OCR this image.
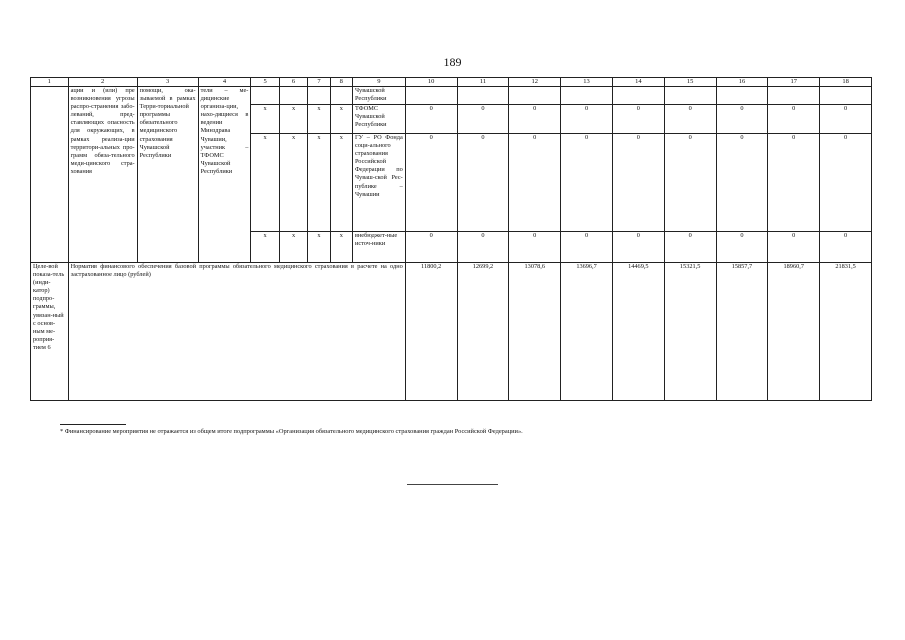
189
1	2	3	4	5	6	7	8	9	10	11	12	13	14	15	16	17	18
	ации и (или) пре возникновения угрозы распро-странения забо-леваний, пред-ставляющих опасность для окружающих, в рамках реализа-ции территори-альных про-грамм обяза-тельного меди-цинского стра-хования	помощи, ока-зываемой в рамках Терри-ториальной программы обязательного медицинского страхования Чувашской Республики	тели – ме-дицинские организа-ции, нахо-дящиеся в ведении Минздрава Чувашии, участник – ТФОМС Чувашской Республики					Чувашской Республики									
				x	x	x	x	ТФОМС Чувашской Республики	0	0	0	0	0	0	0	0	0
				x	x	x	x	ГУ – РО Фонда соци-ального страхования Российской Федерации по Чуваш-ской Рес-публике – Чувашии	0	0	0	0	0	0	0	0	0
				x	x	x	x	внебюджет-ные источ-ники	0	0	0	0	0	0	0	0	0
Целе-вой показа-тель (инди-катор) подпро-граммы, увязан-ный с основ-ным ме-роприя-тием 6	Норматив финансового обеспечения базовой программы обязательного медицинского страхования в расчете на одно застрахованное лицо (рублей)								11800,2	12699,2	13078,6	13696,7	14469,5	15321,5	15857,7	18960,7	21831,5
* Финансирование мероприятия не отражается из общем итоге подпрограммы «Организация обязательного медицинского страхования граждан Российской Федерации».
